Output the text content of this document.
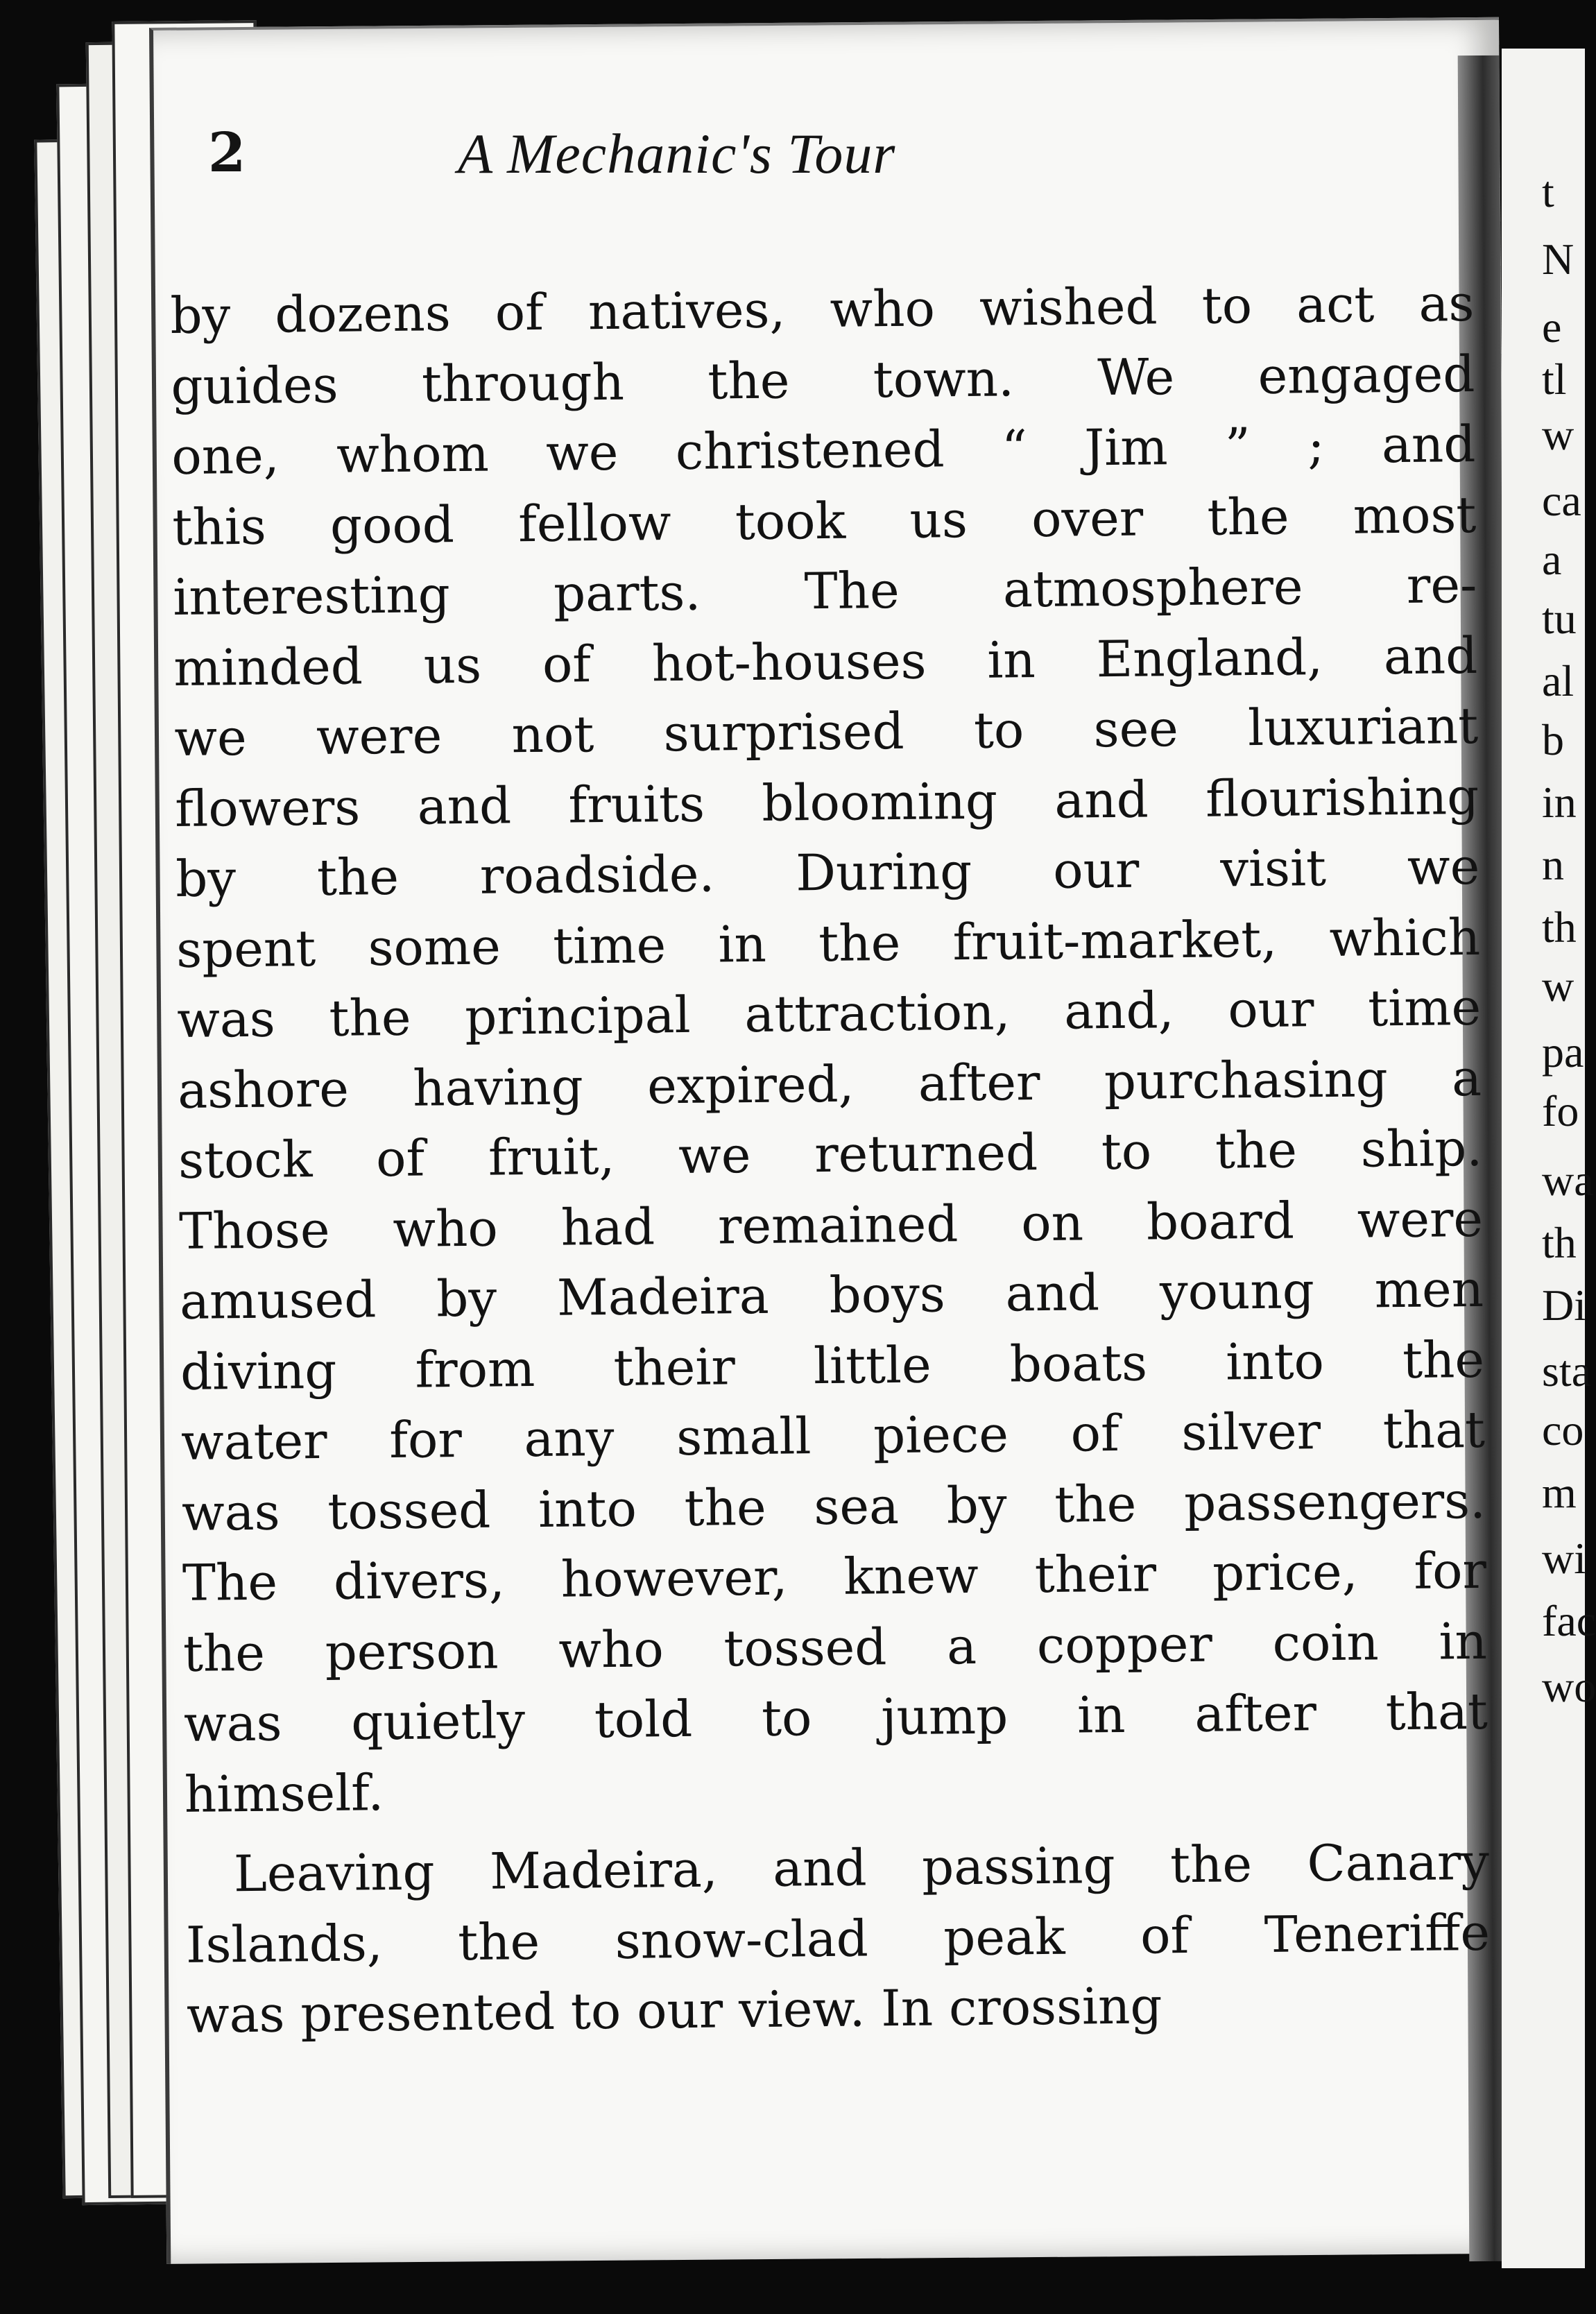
t
N
e
tl
w
ca
a
tu
al
b
in
n
th
w
pa
fo
wa
th
Di
sta
co
m
wi
fac
wo
2	A Mechanic's Tour
by dozens of natives, who wished to act as
guides through the town. We engaged
one, whom we christened “ Jim ” ; and
this good fellow took us over the most
interesting parts. The atmosphere re-
minded us of hot-houses in England, and
we were not surprised to see luxuriant
flowers and fruits blooming and flourishing
by the roadside. During our visit we
spent some time in the fruit-market, which
was the principal attraction, and, our time
ashore having expired, after purchasing a
stock of fruit, we returned to the ship.
Those who had remained on board were
amused by Madeira boys and young men
diving from their little boats into the
water for any small piece of silver that
was tossed into the sea by the passengers.
The divers, however, knew their price, for
the person who tossed a copper coin in
was quietly told to jump in after that
himself.
Leaving Madeira, and passing the Canary
Islands, the snow-clad peak of Teneriffe
was presented to our view. In crossing
